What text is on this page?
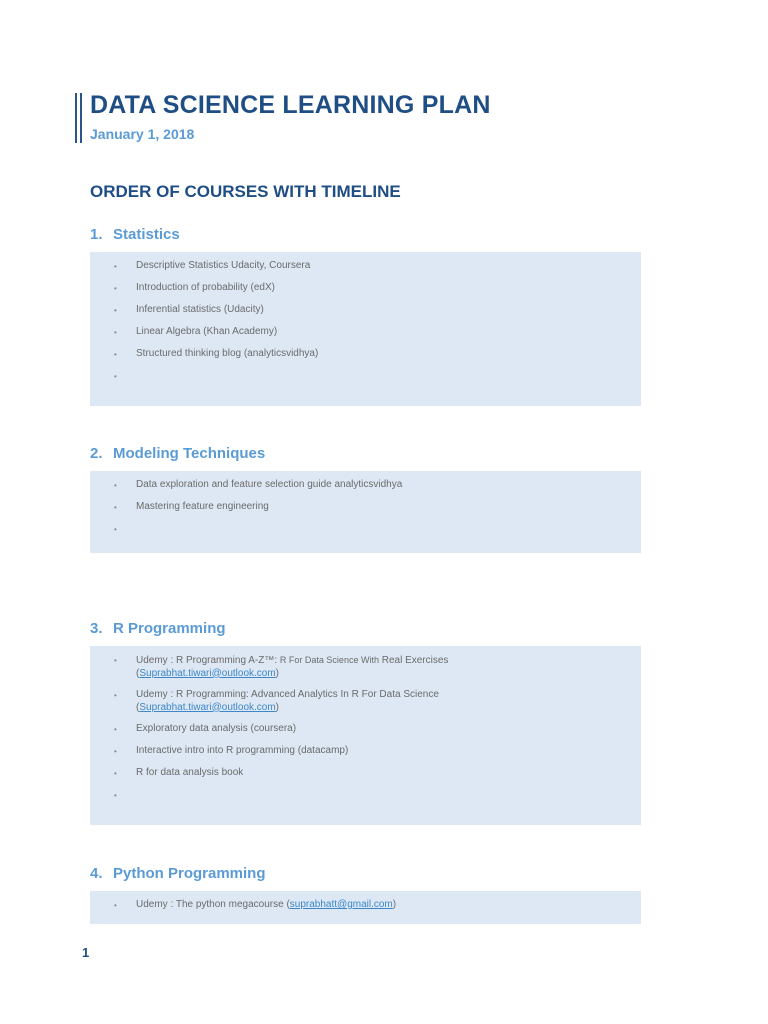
DATA SCIENCE LEARNING PLAN
January 1, 2018
ORDER OF COURSES WITH TIMELINE
1. Statistics
• Descriptive Statistics Udacity, Coursera
• Introduction of probability (edX)
• Inferential statistics (Udacity)
• Linear Algebra (Khan Academy)
• Structured thinking blog (analyticsvidhya)
•
2. Modeling Techniques
• Data exploration and feature selection guide analyticsvidhya
• Mastering feature engineering
•
3. R Programming
• Udemy : R Programming A-Z™: R For Data Science With Real Exercises
(Suprabhat.tiwari@outlook.com)
• Udemy : R Programming: Advanced Analytics In R For Data Science
(Suprabhat.tiwari@outlook.com)
• Exploratory data analysis (coursera)
• Interactive intro into R programming (datacamp)
• R for data analysis book
•
4. Python Programming
• Udemy : The python megacourse (suprabhatt@gmail.com)
1
